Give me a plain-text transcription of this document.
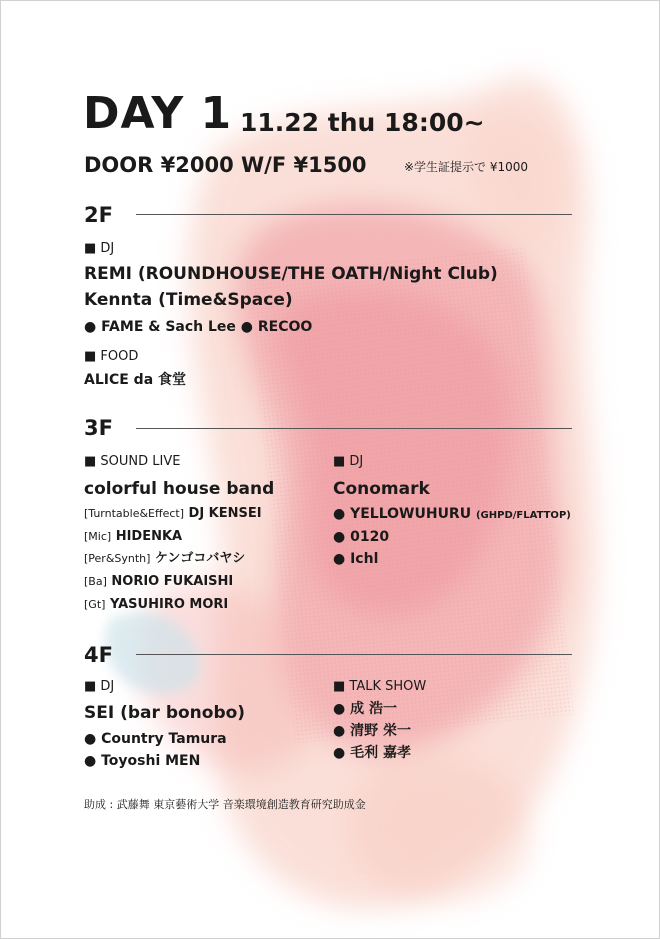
DAY 1 11.22 thu 18:00~
DOOR ¥2000 W/F ¥1500	※学生証提示で ¥1000
2F
■ DJ
REMI (ROUNDHOUSE/THE OATH/Night Club)
Kennta (Time&Space)
● FAME & Sach Lee ● RECOO
■ FOOD
ALICE da 食堂
3F
■ SOUND LIVE
colorful house band
[Turntable&Effect] DJ KENSEI
[Mic] HIDENKA
[Per&Synth] ケンゴコバヤシ
[Ba] NORIO FUKAISHI
[Gt] YASUHIRO MORI
■ DJ
Conomark
● YELLOWUHURU (GHPD/FLATTOP)
● 0120
● Ichl
4F
■ DJ
SEI (bar bonobo)
● Country Tamura
● Toyoshi MEN
■ TALK SHOW
● 成 浩一
● 清野 栄一
● 毛利 嘉孝
助成 : 武藤舞 東京藝術大学 音楽環境創造教育研究助成金
